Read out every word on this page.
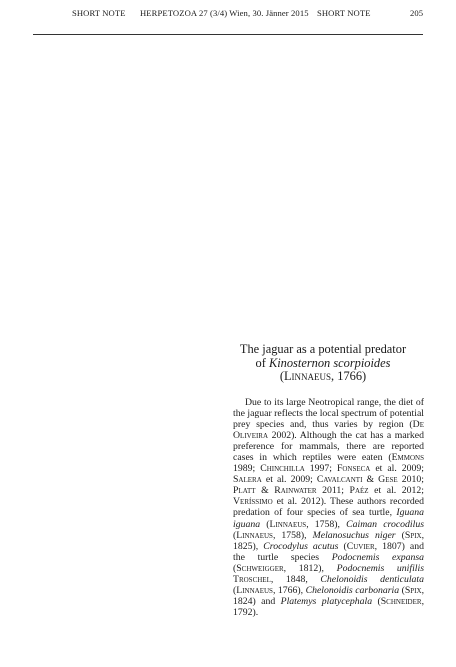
SHORT NOTE HERPETOZOA 27 (3/4) Wien, 30. Jänner 2015 SHORT NOTE	205
The jaguar as a potential predator
of Kinosternon scorpioides
(Linnaeus, 1766)

Due to its large Neotropical range, the diet of the jaguar reflects the local spectrum of potential prey species and, thus varies by region (De Oliveira 2002). Although the cat has a marked preference for mammals, there are reported cases in which reptiles were eaten (Emmons 1989; Chinchilla 1997; Fonseca et al. 2009; Salera et al. 2009; Cavalcanti & Gese 2010; Platt & Rainwater 2011; Paéz et al. 2012; Veríssimo et al. 2012). These authors recorded predation of four species of sea turtle, Iguana iguana (Linnaeus, 1758), Caiman crocodilus (Linnaeus, 1758), Melanosuchus niger (Spix, 1825), Crocodylus acutus (Cuvier, 1807) and the turtle species Podocnemis expansa (Schweigger, 1812), Podocnemis unifilis Troschel, 1848, Chelonoidis denticulata (Linnaeus, 1766), Chelonoidis carbonaria (Spix, 1824) and Platemys platycephala (Schneider, 1792).
